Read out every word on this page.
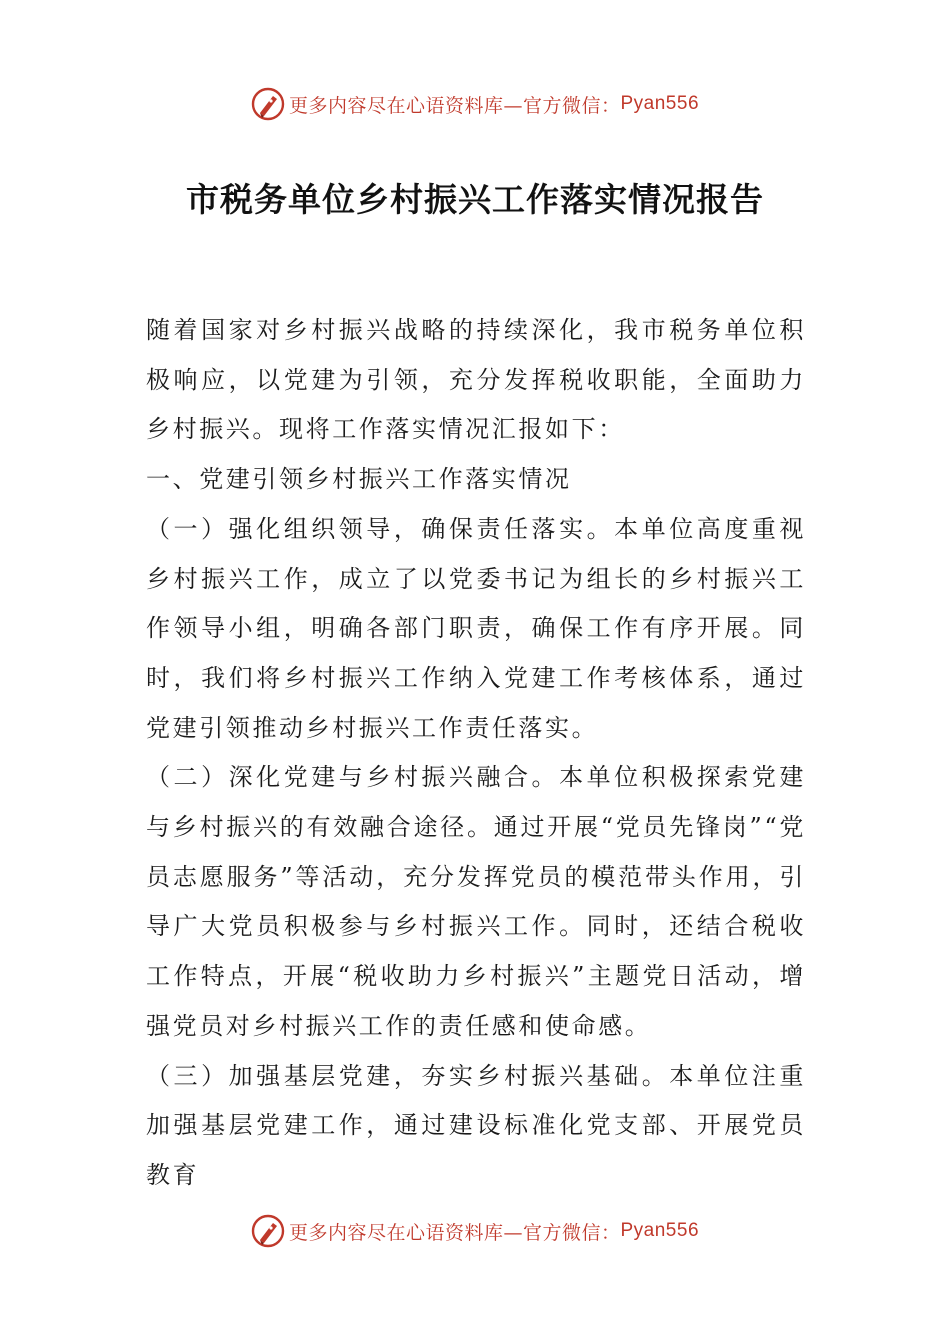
更多内容尽在心语资料库—官方微信： Pyan556
市税务单位乡村振兴工作落实情况报告

随着国家对乡村振兴战略的持续深化，我市税务单位积极响应，以党建为引领，充分发挥税收职能，全面助力乡村振兴。现将工作落实情况汇报如下：

一、党建引领乡村振兴工作落实情况

（一）强化组织领导，确保责任落实。本单位高度重视乡村振兴工作，成立了以党委书记为组长的乡村振兴工作领导小组，明确各部门职责，确保工作有序开展。同时，我们将乡村振兴工作纳入党建工作考核体系，通过党建引领推动乡村振兴工作责任落实。

（二）深化党建与乡村振兴融合。本单位积极探索党建与乡村振兴的有效融合途径。通过开展“党员先锋岗”“党员志愿服务”等活动，充分发挥党员的模范带头作用，引导广大党员积极参与乡村振兴工作。同时，还结合税收工作特点，开展“税收助力乡村振兴”主题党日活动，增强党员对乡村振兴工作的责任感和使命感。

（三）加强基层党建，夯实乡村振兴基础。本单位注重加强基层党建工作，通过建设标准化党支部、开展党员教育

更多内容尽在心语资料库—官方微信： Pyan556
